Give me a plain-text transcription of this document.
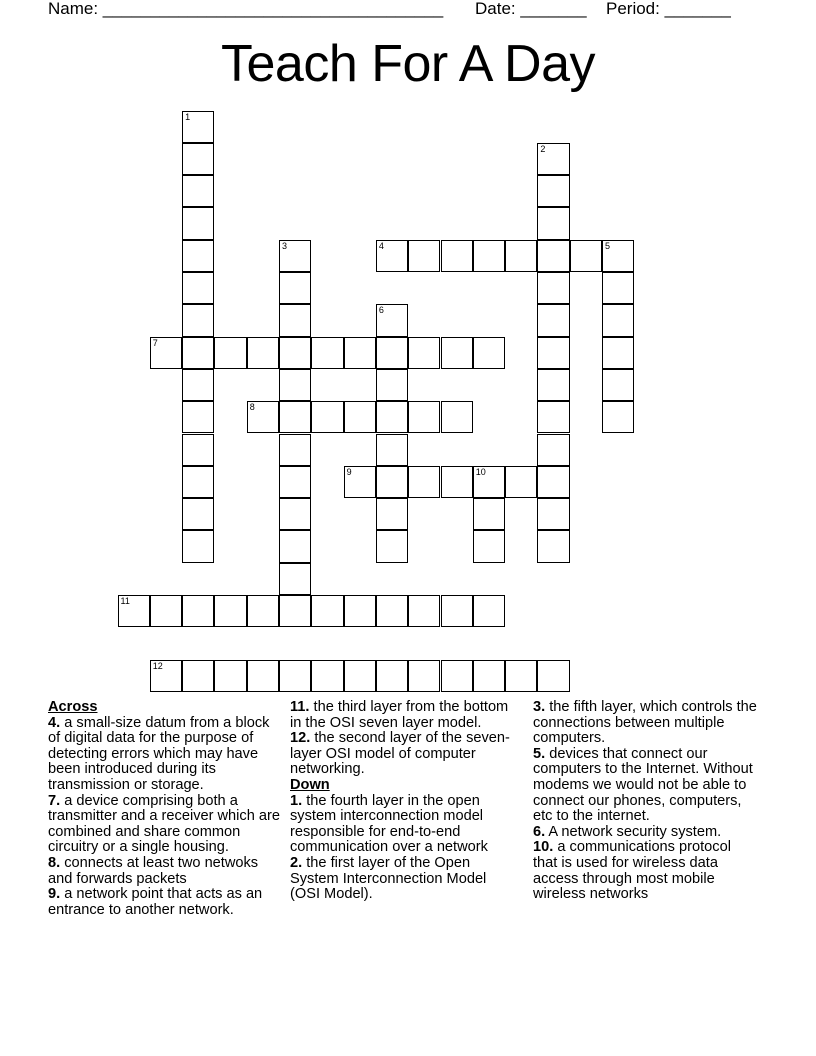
Name: ____________________________________ Date: _______ Period: _______
Teach For A Day
1
2
3	4	5
6
7
8
9	10
11
12

Across

4. a small-size datum from a block of digital data for the purpose of detecting errors which may have been introduced during its transmission or storage.

7. a device comprising both a transmitter and a receiver which are combined and share common circuitry or a single housing.

8. connects at least two netwoks and forwards packets

9. a network point that acts as an entrance to another network.

11. the third layer from the bottom in the OSI seven layer model.

12. the second layer of the seven-layer OSI model of computer networking.

Down

1. the fourth layer in the open system interconnection model responsible for end-to-end communication over a network

2. the first layer of the Open System Interconnection Model (OSI Model).

3. the fifth layer, which controls the connections between multiple computers.

5. devices that connect our computers to the Internet. Without modems we would not be able to connect our phones, computers, etc to the internet.

6. A network security system.

10. a communications protocol that is used for wireless data access through most mobile wireless networks
